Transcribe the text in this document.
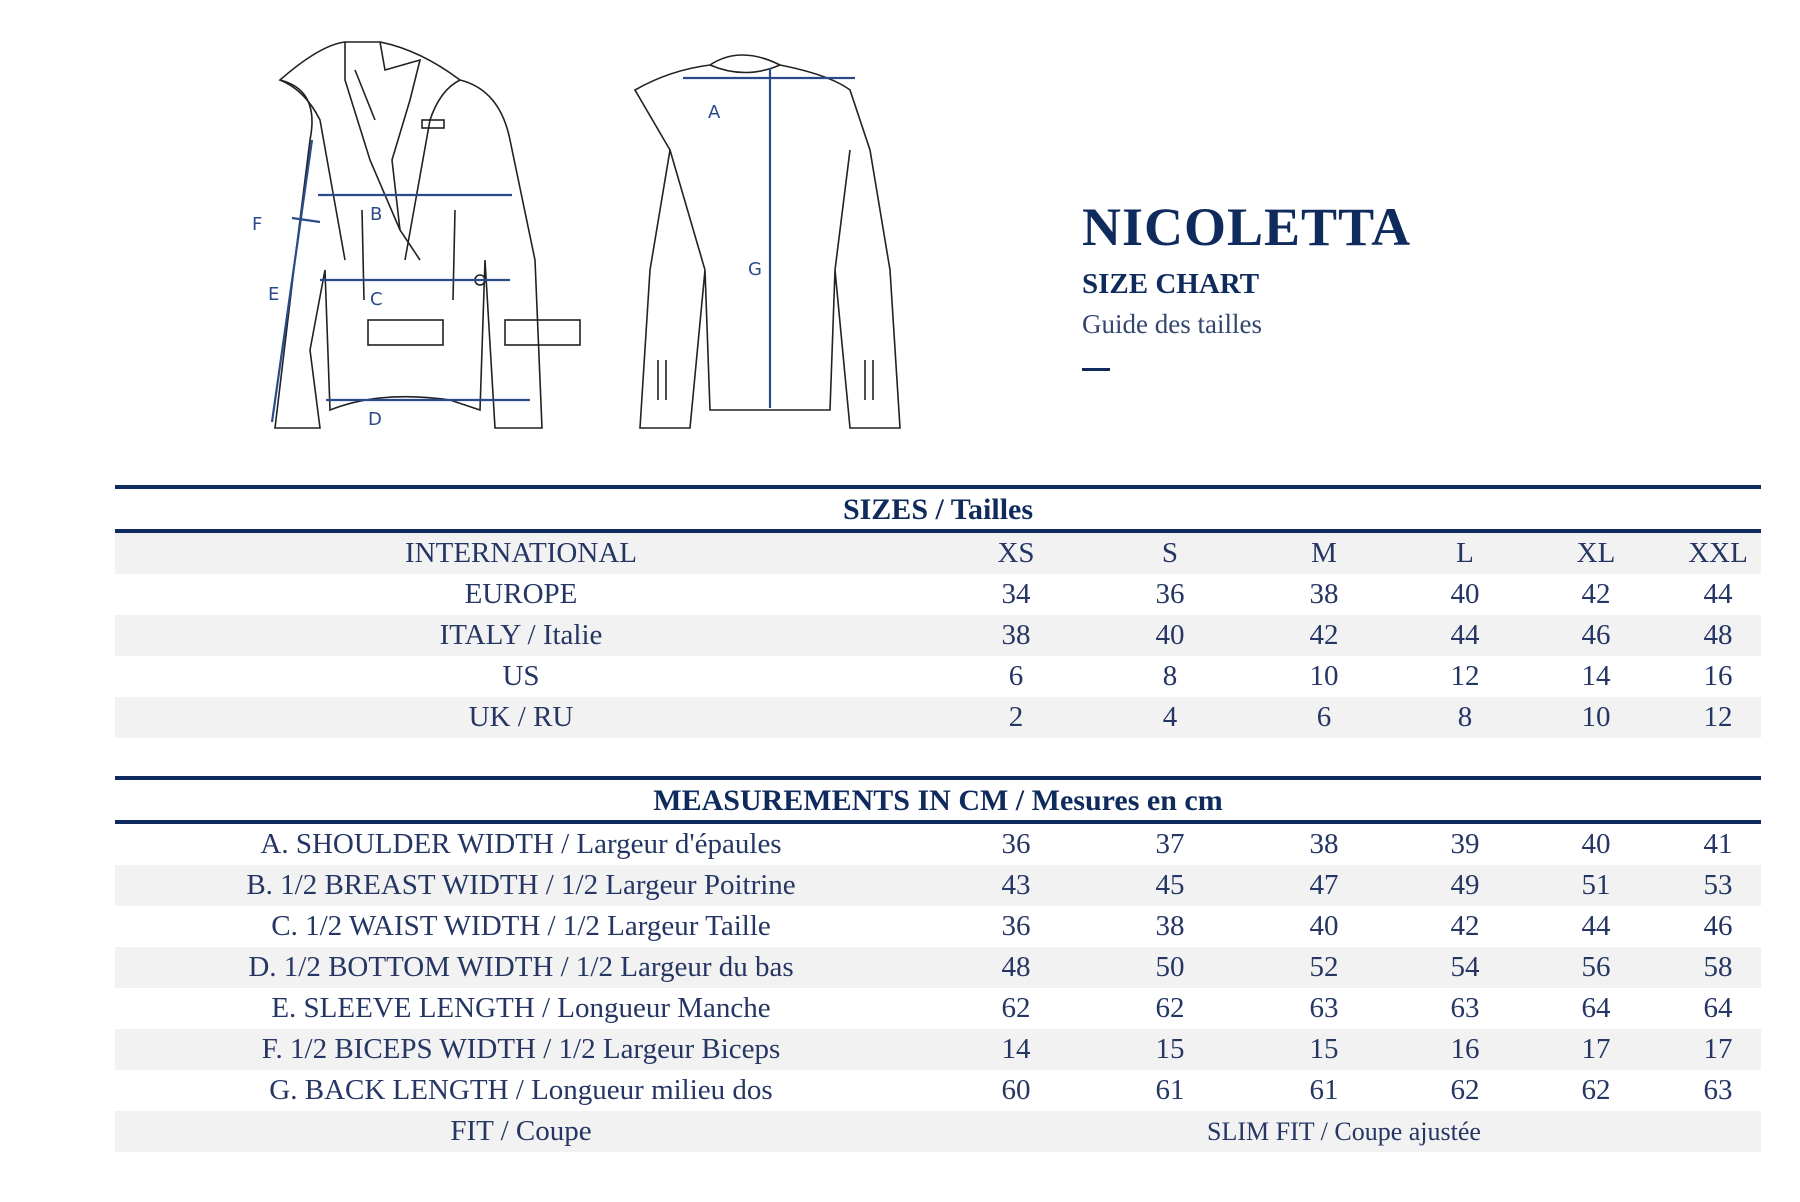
F
E
B
C
D
A
G
NICOLETTA
SIZE CHART
Guide des tailles
SIZES / Tailles
INTERNATIONAL	XS	S	M	L	XL	XXL
EUROPE	34	36	38	40	42	44
ITALY / Italie	38	40	42	44	46	48
US	6	8	10	12	14	16
UK / RU	2	4	6	8	10	12
MEASUREMENTS IN CM / Mesures en cm
A. SHOULDER WIDTH / Largeur d'épaules	36	37	38	39	40	41
B. 1/2 BREAST WIDTH / 1/2 Largeur Poitrine	43	45	47	49	51	53
C. 1/2 WAIST WIDTH / 1/2 Largeur Taille	36	38	40	42	44	46
D. 1/2 BOTTOM WIDTH / 1/2 Largeur du bas	48	50	52	54	56	58
E. SLEEVE LENGTH / Longueur Manche	62	62	63	63	64	64
F. 1/2 BICEPS WIDTH / 1/2 Largeur Biceps	14	15	15	16	17	17
G. BACK LENGTH / Longueur milieu dos	60	61	61	62	62	63
FIT / Coupe	SLIM FIT / Coupe ajustée
